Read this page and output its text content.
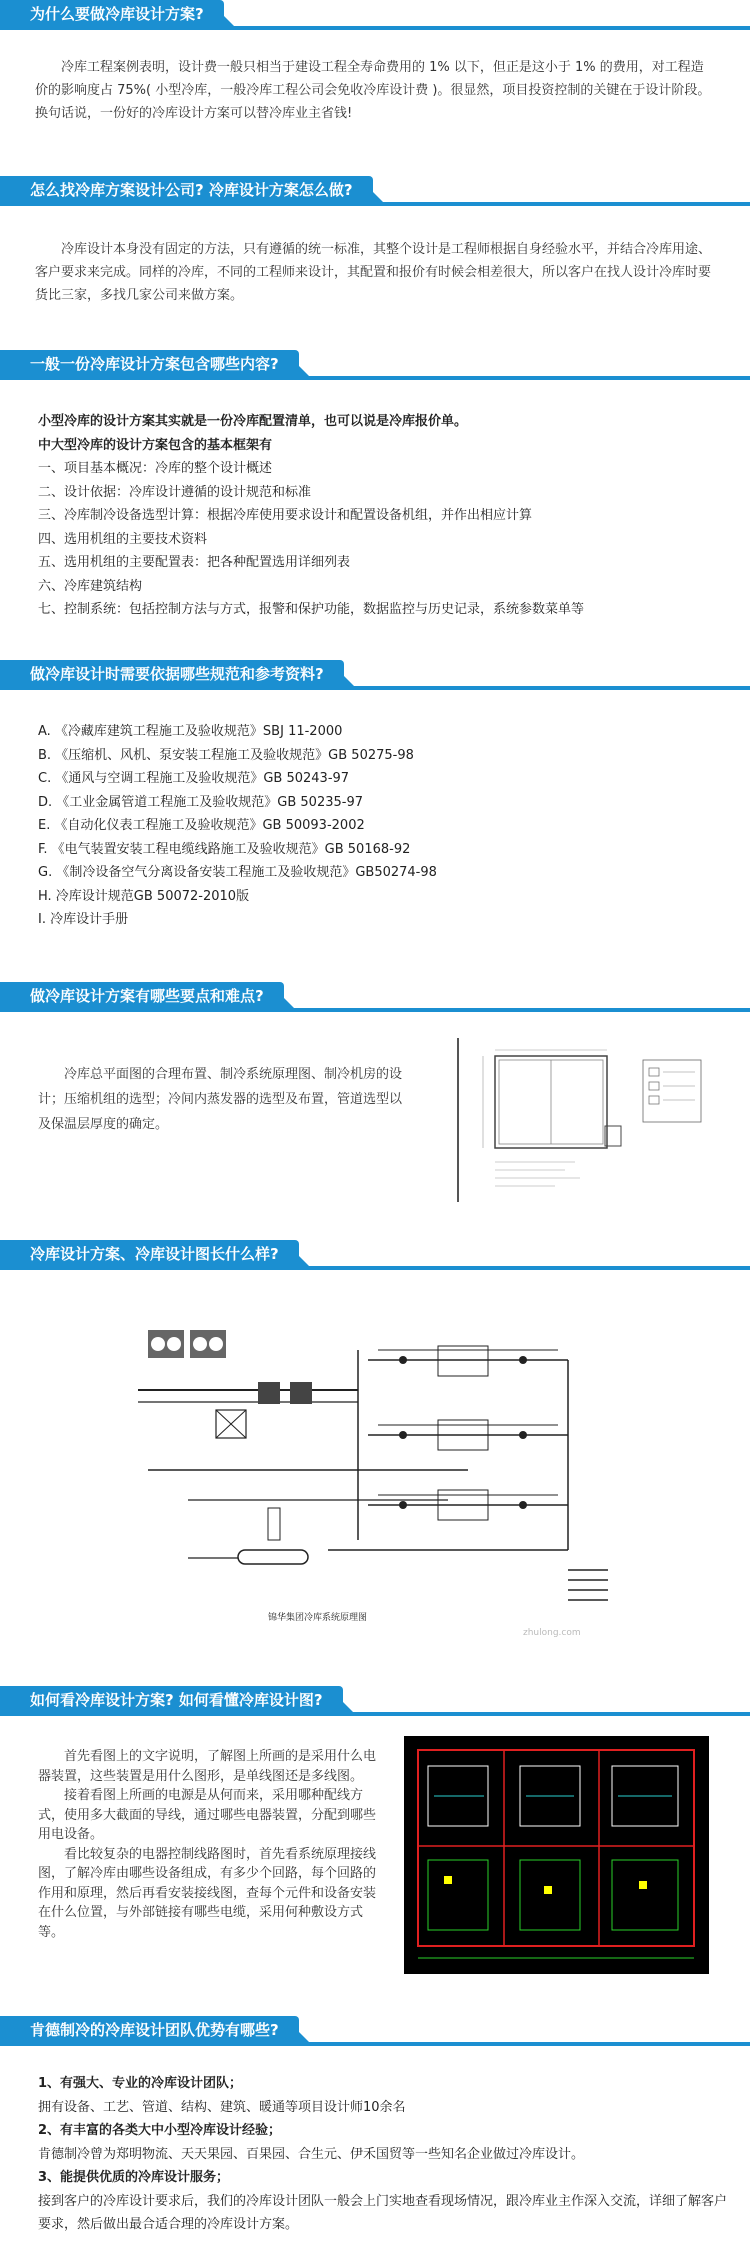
为什么要做冷库设计方案?

冷库工程案例表明，设计费一般只相当于建设工程全寿命费用的 1% 以下，但正是这小于 1% 的费用，对工程造价的影响度占 75%( 小型冷库，一般冷库工程公司会免收冷库设计费 )。很显然，项目投资控制的关键在于设计阶段。换句话说，一份好的冷库设计方案可以替冷库业主省钱!

怎么找冷库方案设计公司? 冷库设计方案怎么做?

冷库设计本身没有固定的方法，只有遵循的统一标准，其整个设计是工程师根据自身经验水平，并结合冷库用途、客户要求来完成。同样的冷库，不同的工程师来设计，其配置和报价有时候会相差很大，所以客户在找人设计冷库时要货比三家，多找几家公司来做方案。

一般一份冷库设计方案包含哪些内容?
小型冷库的设计方案其实就是一份冷库配置清单，也可以说是冷库报价单。
中大型冷库的设计方案包含的基本框架有
一、项目基本概况：冷库的整个设计概述
二、设计依据：冷库设计遵循的设计规范和标准
三、冷库制冷设备选型计算：根据冷库使用要求设计和配置设备机组，并作出相应计算
四、选用机组的主要技术资料
五、选用机组的主要配置表：把各种配置选用详细列表
六、冷库建筑结构
七、控制系统：包括控制方法与方式，报警和保护功能，数据监控与历史记录，系统参数菜单等
做冷库设计时需要依据哪些规范和参考资料?
A. 《冷藏库建筑工程施工及验收规范》SBJ 11-2000
B. 《压缩机、风机、泵安装工程施工及验收规范》GB 50275-98
C. 《通风与空调工程施工及验收规范》GB 50243-97
D. 《工业金属管道工程施工及验收规范》GB 50235-97
E. 《自动化仪表工程施工及验收规范》GB 50093-2002
F. 《电气装置安装工程电缆线路施工及验收规范》GB 50168-92
G. 《制冷设备空气分离设备安装工程施工及验收规范》GB50274-98
H. 冷库设计规范GB 50072-2010版
I. 冷库设计手册
做冷库设计方案有哪些要点和难点?

冷库总平面图的合理布置、制冷系统原理图、制冷机房的设计；压缩机组的选型；冷间内蒸发器的选型及布置，管道选型以及保温层厚度的确定。

冷库设计方案、冷库设计图长什么样?
锦华集团冷库系统原理图
zhulong.com
如何看冷库设计方案? 如何看懂冷库设计图?

首先看图上的文字说明，了解图上所画的是采用什么电器装置，这些装置是用什么图形，是单线图还是多线图。

接着看图上所画的电源是从何而来，采用哪种配线方式，使用多大截面的导线，通过哪些电器装置，分配到哪些用电设备。

看比较复杂的电器控制线路图时，首先看系统原理接线图，了解冷库由哪些设备组成，有多少个回路，每个回路的作用和原理，然后再看安装接线图，查每个元件和设备安装在什么位置，与外部链接有哪些电缆，采用何种敷设方式等。

肯德制冷的冷库设计团队优势有哪些?
1、有强大、专业的冷库设计团队；
拥有设备、工艺、管道、结构、建筑、暖通等项目设计师10余名
2、有丰富的各类大中小型冷库设计经验；
肯德制冷曾为郑明物流、天天果园、百果园、合生元、伊禾国贸等一些知名企业做过冷库设计。
3、能提供优质的冷库设计服务；
接到客户的冷库设计要求后，我们的冷库设计团队一般会上门实地查看现场情况，跟冷库业主作深入交流，详细了解客户要求，然后做出最合适合理的冷库设计方案。
